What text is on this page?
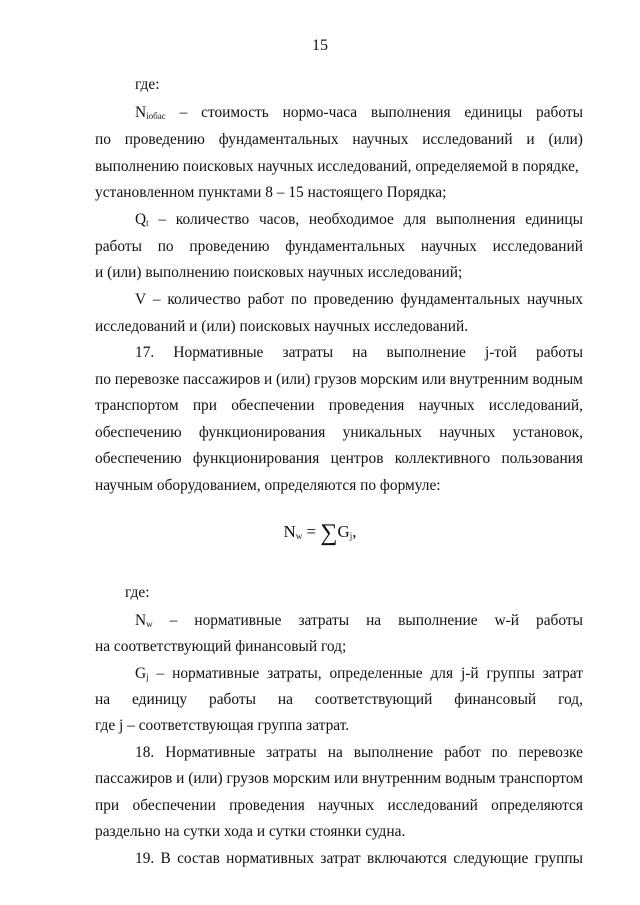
15
где:
$N_{iобас}$ – стоимость нормо-часа выполнения единицы работы
по проведению фундаментальных научных исследований и (или)
выполнению поисковых научных исследований, определяемой в порядке,
установленном пунктами 8 – 15 настоящего Порядка;
$Q_t$ – количество часов, необходимое для выполнения единицы
работы по проведению фундаментальных научных исследований
и (или) выполнению поисковых научных исследований;
V – количество работ по проведению фундаментальных научных
исследований и (или) поисковых научных исследований.
17. Нормативные затраты на выполнение j-той работы
по перевозке пассажиров и (или) грузов морским или внутренним водным
транспортом при обеспечении проведения научных исследований,
обеспечению функционирования уникальных научных установок,
обеспечению функционирования центров коллективного пользования
научным оборудованием, определяются по формуле:
$N_w = \sum G_j$,
где:
$N_w$ – нормативные затраты на выполнение w-й работы
на соответствующий финансовый год;
$G_j$ – нормативные затраты, определенные для j-й группы затрат
на единицу работы на соответствующий финансовый год,
где j – соответствующая группа затрат.
18. Нормативные затраты на выполнение работ по перевозке
пассажиров и (или) грузов морским или внутренним водным транспортом
при обеспечении проведения научных исследований определяются
раздельно на сутки хода и сутки стоянки судна.
19. В состав нормативных затрат включаются следующие группы
